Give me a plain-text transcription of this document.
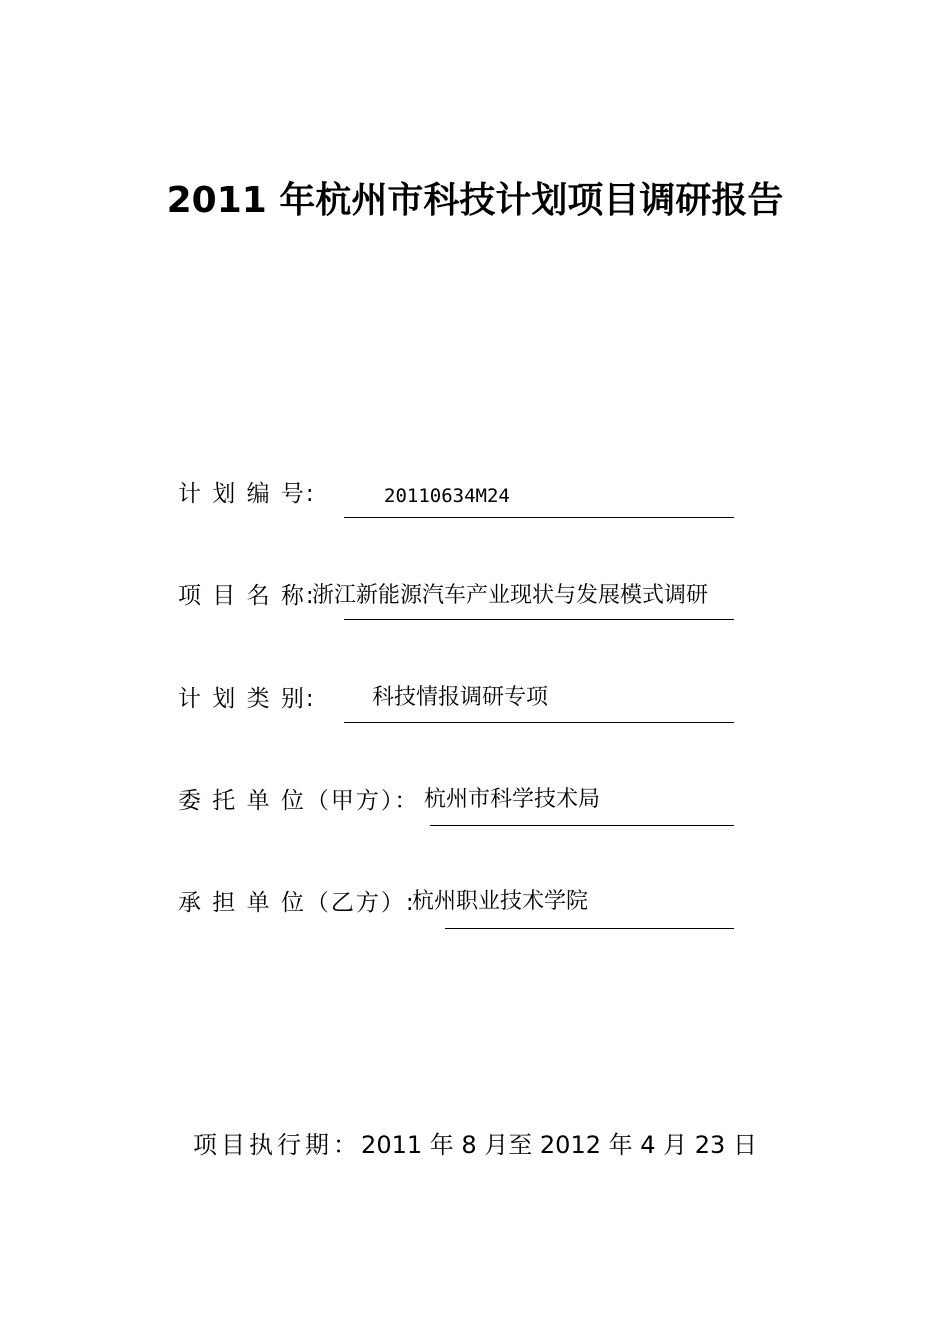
2011 年杭州市科技计划项目调研报告
计 划 编 号:	20110634M24
项 目 名 称:
浙江新能源汽车产业现状与发展模式调研
计 划 类 别:	科技情报调研专项
委 托 单 位（甲方）： 杭州市科学技术局
承 担 单 位（乙方）:
杭州职业技术学院
项目执行期：2011 年 8 月至 2012 年 4 月 23 日
